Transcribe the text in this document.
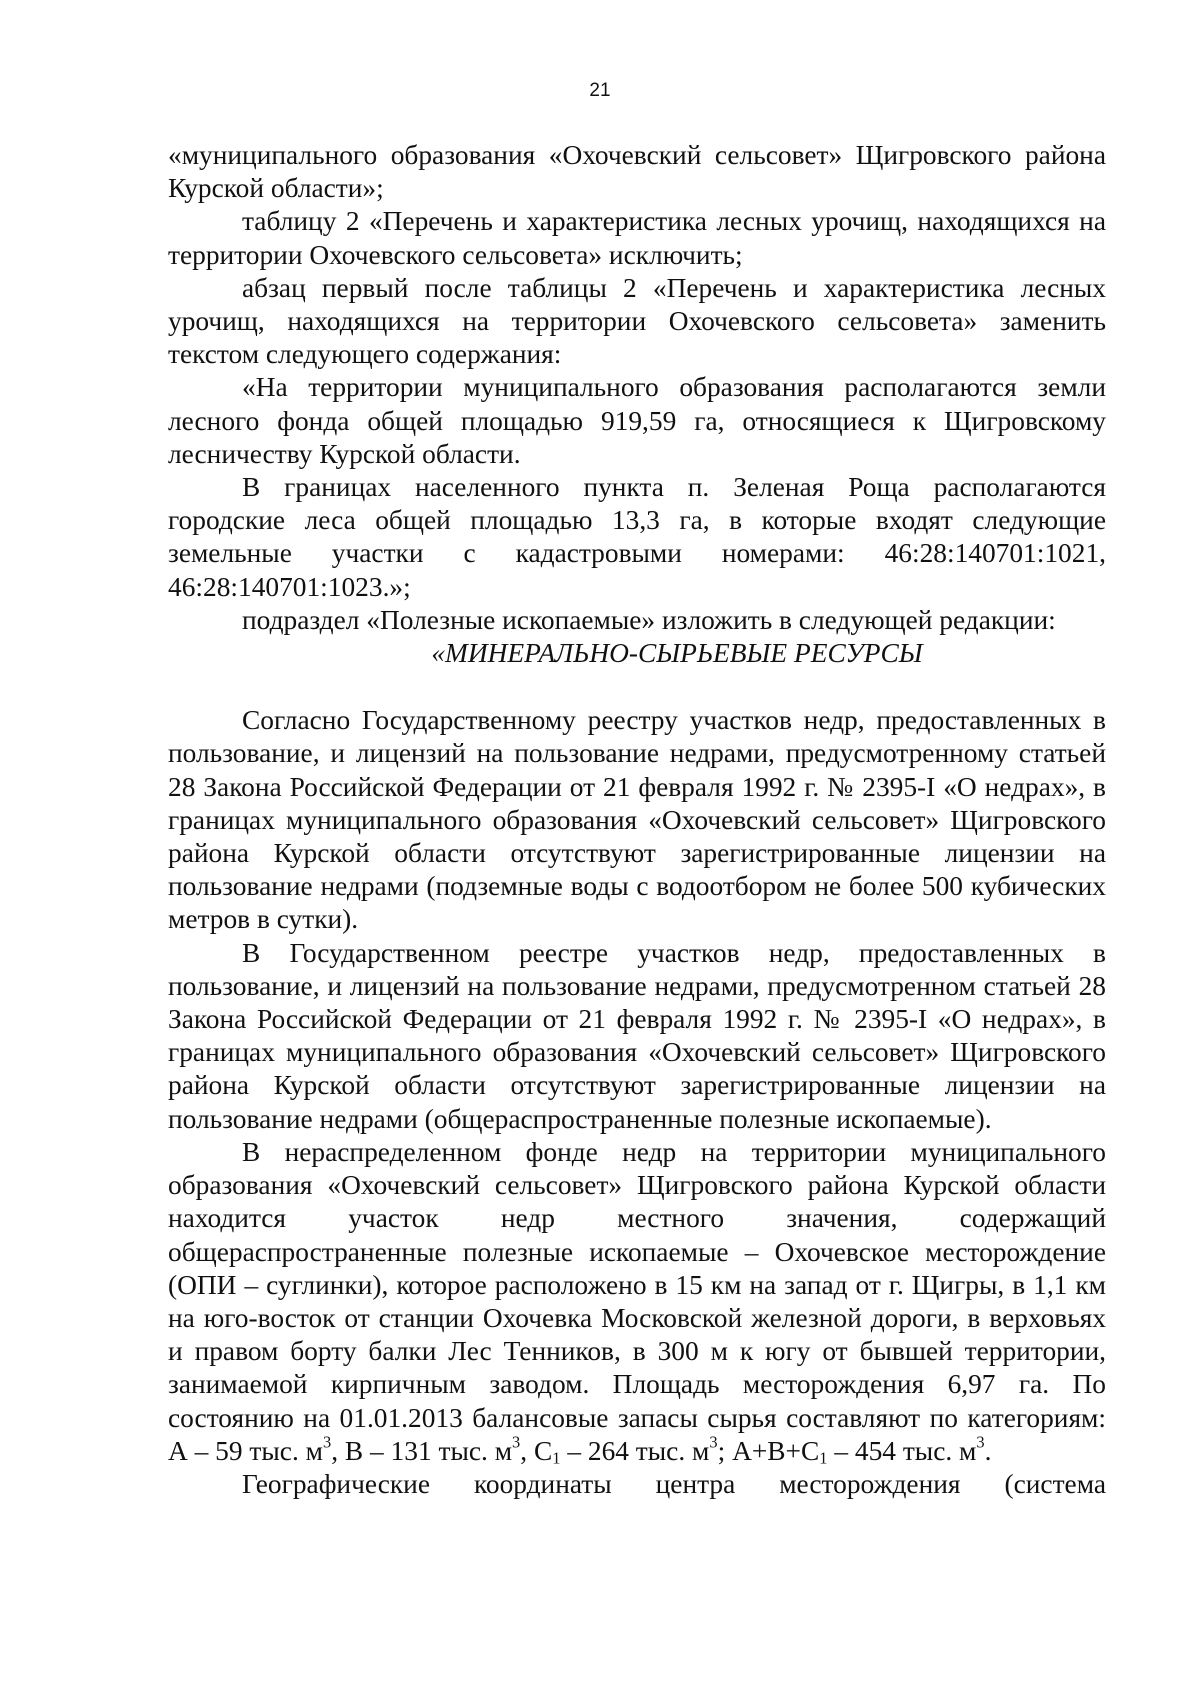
21

«муниципального образования «Охочевский сельсовет» Щигровского района Курской области»;

таблицу 2 «Перечень и характеристика лесных урочищ, находящихся на территории Охочевского сельсовета» исключить;

абзац первый после таблицы 2 «Перечень и характеристика лесных урочищ, находящихся на территории Охочевского сельсовета» заменить текстом следующего содержания:

«На территории муниципального образования располагаются земли лесного фонда общей площадью 919,59 га, относящиеся к Щигровскому лесничеству Курской области.

В границах населенного пункта п. Зеленая Роща располагаются городские леса общей площадью 13,3 га, в которые входят следующие земельные участки с кадастровыми номерами: 46:28:140701:1021,

46:28:140701:1023.»;

подраздел «Полезные ископаемые» изложить в следующей редакции:

«МИНЕРАЛЬНО-СЫРЬЕВЫЕ РЕСУРСЫ

Согласно Государственному реестру участков недр, предоставленных в пользование, и лицензий на пользование недрами, предусмотренному статьей 28 Закона Российской Федерации от 21 февраля 1992 г. № 2395-I «О недрах», в границах муниципального образования «Охочевский сельсовет» Щигровского района Курской области отсутствуют зарегистрированные лицензии на пользование недрами (подземные воды с водоотбором не более 500 кубических метров в сутки).

В Государственном реестре участков недр, предоставленных в пользование, и лицензий на пользование недрами, предусмотренном статьей 28 Закона Российской Федерации от 21 февраля 1992 г. № 2395-I «О недрах», в границах муниципального образования «Охочевский сельсовет» Щигровского района Курской области отсутствуют зарегистрированные лицензии на пользование недрами (общераспространенные полезные ископаемые).

В нераспределенном фонде недр на территории муниципального образования «Охочевский сельсовет» Щигровского района Курской области находится участок недр местного значения, содержащий общераспространенные полезные ископаемые – Охочевское месторождение (ОПИ – суглинки), которое расположено в 15 км на запад от г. Щигры, в 1,1 км на юго-восток от станции Охочевка Московской железной дороги, в верховьях и правом борту балки Лес Тенников, в 300 м к югу от бывшей территории, занимаемой кирпичным заводом. Площадь месторождения 6,97 га. По состоянию на 01.01.2013 балансовые запасы сырья составляют по категориям: А – 59 тыс. $м^3$, В – 131 тыс. $м^3$, $С_1 - 264$ тыс. $м^3$; $А+В+С_1 - 454$ тыс. $м^3$.

Географические координаты центра месторождения (система
